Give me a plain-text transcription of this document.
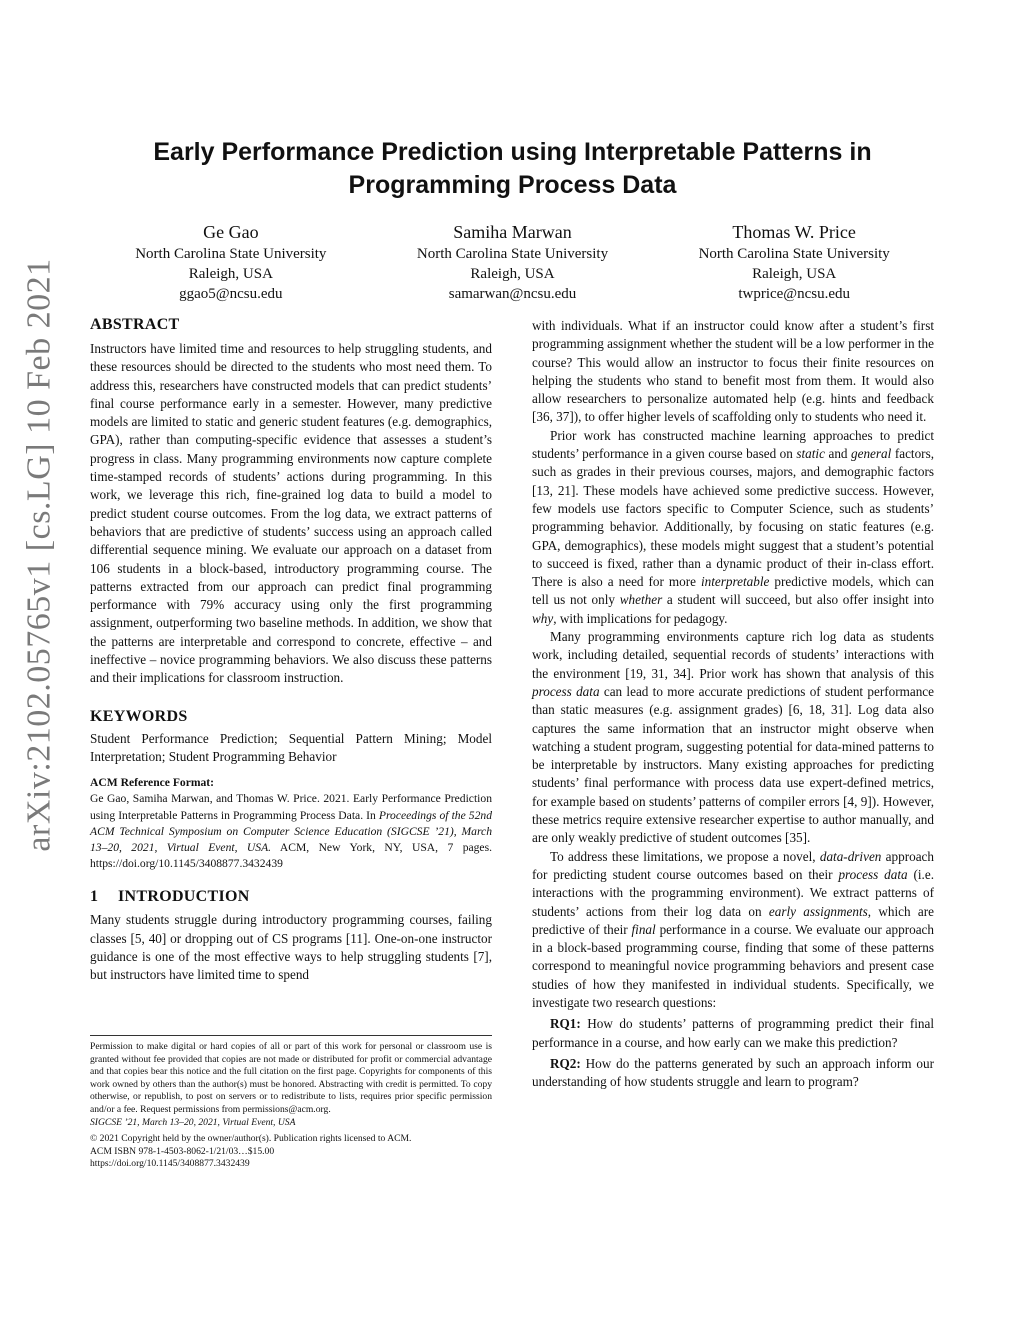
arXiv:2102.05765v1 [cs.LG] 10 Feb 2021
Early Performance Prediction using Interpretable Patterns in
Programming Process Data
Ge Gao
North Carolina State University
Raleigh, USA
ggao5@ncsu.edu
Samiha Marwan
North Carolina State University
Raleigh, USA
samarwan@ncsu.edu
Thomas W. Price
North Carolina State University
Raleigh, USA
twprice@ncsu.edu
ABSTRACT

Instructors have limited time and resources to help struggling students, and these resources should be directed to the students who most need them. To address this, researchers have constructed models that can predict students’ final course performance early in a semester. However, many predictive models are limited to static and generic student features (e.g. demographics, GPA), rather than computing-specific evidence that assesses a student’s progress in class. Many programming environments now capture complete time-stamped records of students’ actions during programming. In this work, we leverage this rich, fine-grained log data to build a model to predict student course outcomes. From the log data, we extract patterns of behaviors that are predictive of students’ success using an approach called differential sequence mining. We evaluate our approach on a dataset from 106 students in a block-based, introductory programming course. The patterns extracted from our approach can predict final programming performance with 79% accuracy using only the first programming assignment, outperforming two baseline methods. In addition, we show that the patterns are interpretable and correspond to concrete, effective – and ineffective – novice programming behaviors. We also discuss these patterns and their implications for classroom instruction.

KEYWORDS

Student Performance Prediction; Sequential Pattern Mining; Model Interpretation; Student Programming Behavior

ACM Reference Format:

Ge Gao, Samiha Marwan, and Thomas W. Price. 2021. Early Performance Prediction using Interpretable Patterns in Programming Process Data. In Proceedings of the 52nd ACM Technical Symposium on Computer Science Education (SIGCSE ’21), March 13–20, 2021, Virtual Event, USA. ACM, New York, NY, USA, 7 pages. https://doi.org/10.1145/3408877.3432439

1 INTRODUCTION

Many students struggle during introductory programming courses, failing classes [5, 40] or dropping out of CS programs [11]. One-on-one instructor guidance is one of the most effective ways to help struggling students [7], but instructors have limited time to spend

Permission to make digital or hard copies of all or part of this work for personal or classroom use is granted without fee provided that copies are not made or distributed for profit or commercial advantage and that copies bear this notice and the full citation on the first page. Copyrights for components of this work owned by others than the author(s) must be honored. Abstracting with credit is permitted. To copy otherwise, or republish, to post on servers or to redistribute to lists, requires prior specific permission and/or a fee. Request permissions from permissions@acm.org.

SIGCSE ’21, March 13–20, 2021, Virtual Event, USA

© 2021 Copyright held by the owner/author(s). Publication rights licensed to ACM.
ACM ISBN 978-1-4503-8062-1/21/03…$15.00
https://doi.org/10.1145/3408877.3432439

with individuals. What if an instructor could know after a student’s first programming assignment whether the student will be a low performer in the course? This would allow an instructor to focus their finite resources on helping the students who stand to benefit most from them. It would also allow researchers to personalize automated help (e.g. hints and feedback [36, 37]), to offer higher levels of scaffolding only to students who need it.

Prior work has constructed machine learning approaches to predict students’ performance in a given course based on static and general factors, such as grades in their previous courses, majors, and demographic factors [13, 21]. These models have achieved some predictive success. However, few models use factors specific to Computer Science, such as students’ programming behavior. Additionally, by focusing on static features (e.g. GPA, demographics), these models might suggest that a student’s potential to succeed is fixed, rather than a dynamic product of their in-class effort. There is also a need for more interpretable predictive models, which can tell us not only whether a student will succeed, but also offer insight into why, with implications for pedagogy.

Many programming environments capture rich log data as students work, including detailed, sequential records of students’ interactions with the environment [19, 31, 34]. Prior work has shown that analysis of this process data can lead to more accurate predictions of student performance than static measures (e.g. assignment grades) [6, 18, 31]. Log data also captures the same information that an instructor might observe when watching a student program, suggesting potential for data-mined patterns to be interpretable by instructors. Many existing approaches for predicting students’ final performance with process data use expert-defined metrics, for example based on students’ patterns of compiler errors [4, 9]). However, these metrics require extensive researcher expertise to author manually, and are only weakly predictive of student outcomes [35].

To address these limitations, we propose a novel, data-driven approach for predicting student course outcomes based on their process data (i.e. interactions with the programming environment). We extract patterns of students’ actions from their log data on early assignments, which are predictive of their final performance in a course. We evaluate our approach in a block-based programming course, finding that some of these patterns correspond to meaningful novice programming behaviors and present case studies of how they manifested in individual students. Specifically, we investigate two research questions:

RQ1: How do students’ patterns of programming predict their final performance in a course, and how early can we make this prediction?

RQ2: How do the patterns generated by such an approach inform our understanding of how students struggle and learn to program?
